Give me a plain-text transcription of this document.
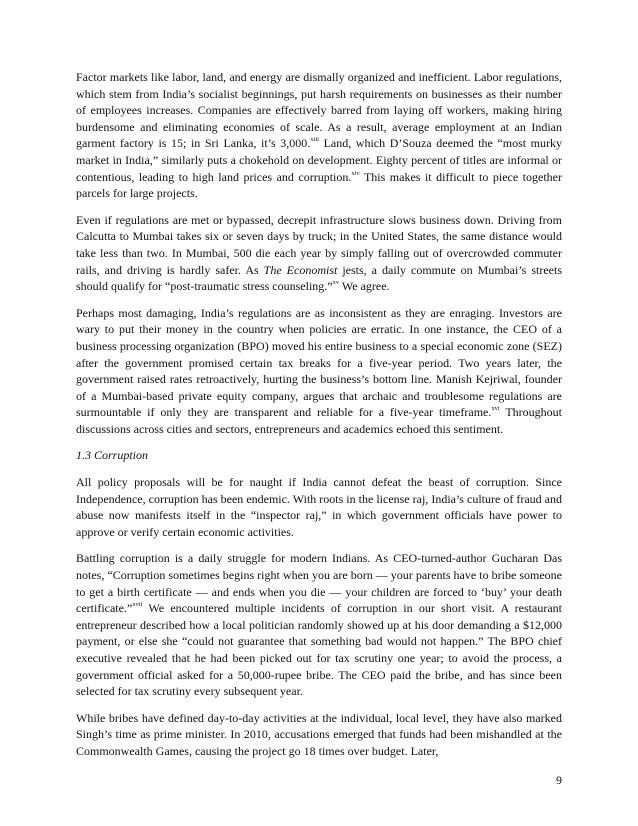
Factor markets like labor, land, and energy are dismally organized and inefficient. Labor regulations, which stem from India’s socialist beginnings, put harsh requirements on businesses as their number of employees increases. Companies are effectively barred from laying off workers, making hiring burdensome and eliminating economies of scale. As a result, average employment at an Indian garment factory is 15; in Sri Lanka, it’s 3,000.$^{xiii}$ Land, which D’Souza deemed the “most murky market in India,” similarly puts a chokehold on development. Eighty percent of titles are informal or contentious, leading to high land prices and corruption.$^{xiv}$ This makes it difficult to piece together parcels for large projects.

Even if regulations are met or bypassed, decrepit infrastructure slows business down. Driving from Calcutta to Mumbai takes six or seven days by truck; in the United States, the same distance would take less than two. In Mumbai, 500 die each year by simply falling out of overcrowded commuter rails, and driving is hardly safer. As The Economist jests, a daily commute on Mumbai’s streets should qualify for “post-traumatic stress counseling.”$^{xv}$ We agree.

Perhaps most damaging, India’s regulations are as inconsistent as they are enraging. Investors are wary to put their money in the country when policies are erratic. In one instance, the CEO of a business processing organization (BPO) moved his entire business to a special economic zone (SEZ) after the government promised certain tax breaks for a five-year period. Two years later, the government raised rates retroactively, hurting the business’s bottom line. Manish Kejriwal, founder of a Mumbai-based private equity company, argues that archaic and troublesome regulations are surmountable if only they are transparent and reliable for a five-year timeframe.$^{xvi}$ Throughout discussions across cities and sectors, entrepreneurs and academics echoed this sentiment.

1.3 Corruption

All policy proposals will be for naught if India cannot defeat the beast of corruption. Since Independence, corruption has been endemic. With roots in the license raj, India’s culture of fraud and abuse now manifests itself in the “inspector raj,” in which government officials have power to approve or verify certain economic activities.

Battling corruption is a daily struggle for modern Indians. As CEO-turned-author Gucharan Das notes, “Corruption sometimes begins right when you are born — your parents have to bribe someone to get a birth certificate — and ends when you die — your children are forced to ‘buy’ your death certificate.”$^{xvii}$ We encountered multiple incidents of corruption in our short visit. A restaurant entrepreneur described how a local politician randomly showed up at his door demanding a $12,000 payment, or else she “could not guarantee that something bad would not happen.” The BPO chief executive revealed that he had been picked out for tax scrutiny one year; to avoid the process, a government official asked for a 50,000-rupee bribe. The CEO paid the bribe, and has since been selected for tax scrutiny every subsequent year.

While bribes have defined day-to-day activities at the individual, local level, they have also marked Singh’s time as prime minister. In 2010, accusations emerged that funds had been mishandled at the Commonwealth Games, causing the project go 18 times over budget. Later,

9
